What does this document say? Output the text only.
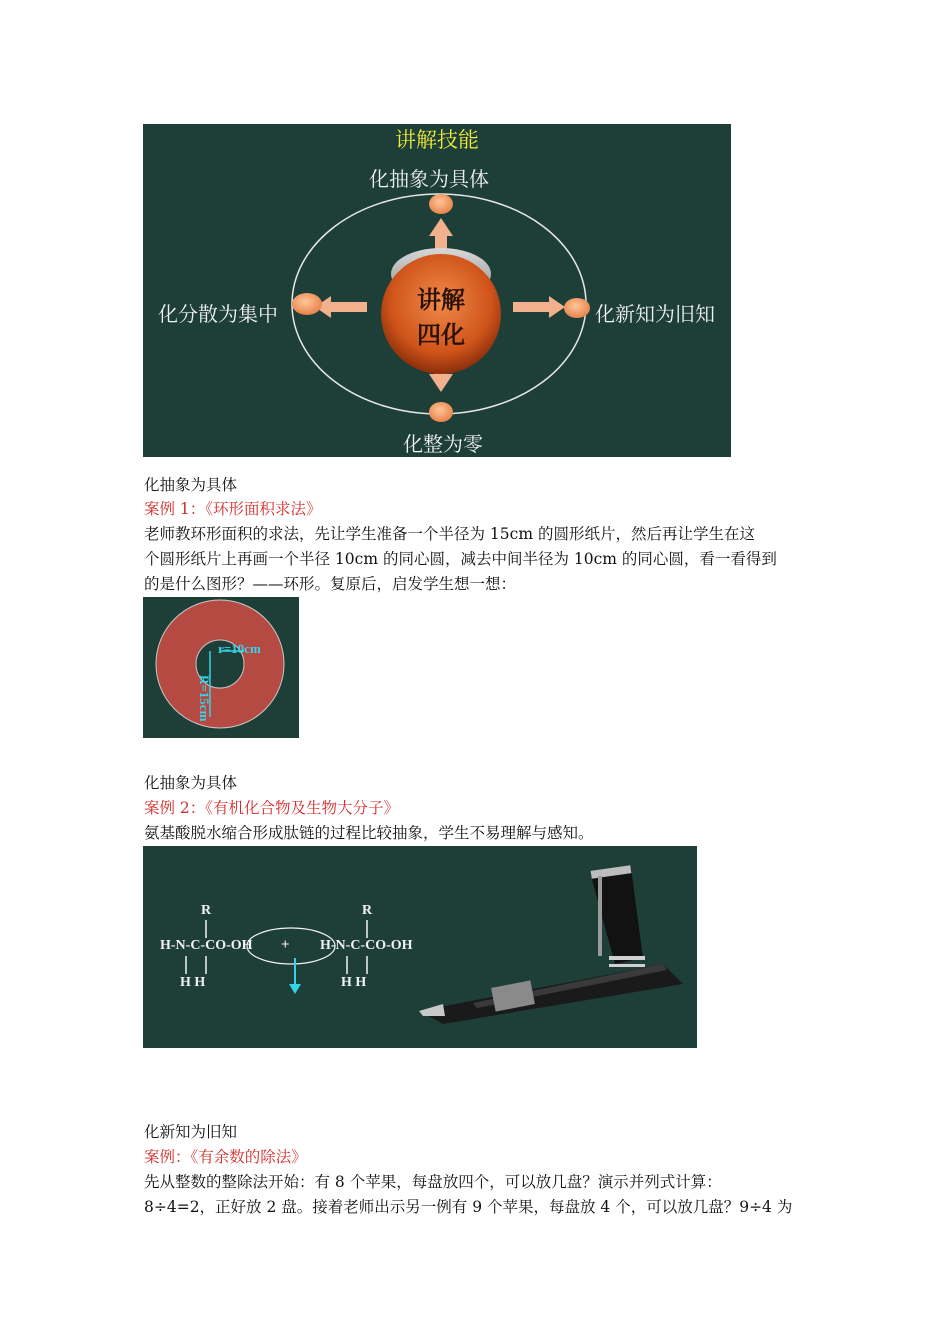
讲解技能
化抽象为具体
化分散为集中	化新知为旧知
化整为零
讲解
四化
化抽象为具体
案例 1：《环形面积求法》
老师教环形面积的求法，先让学生准备一个半径为 15cm 的圆形纸片，然后再让学生在这
个圆形纸片上再画一个半径 10cm 的同心圆，减去中间半径为 10cm 的同心圆，看一看得到
的是什么图形？——环形。复原后，启发学生想一想：
r=10cm
R=15cm
化抽象为具体
案例 2：《有机化合物及生物大分子》
氨基酸脱水缩合形成肽链的过程比较抽象，学生不易理解与感知。
R	R
H-N-C-CO-OH + H-N-C-CO-OH
H H	H H
化新知为旧知
案例：《有余数的除法》
先从整数的整除法开始：有 8 个苹果，每盘放四个，可以放几盘？演示并列式计算：
8÷4=2，正好放 2 盘。接着老师出示另一例有 9 个苹果，每盘放 4 个，可以放几盘？9÷4 为
